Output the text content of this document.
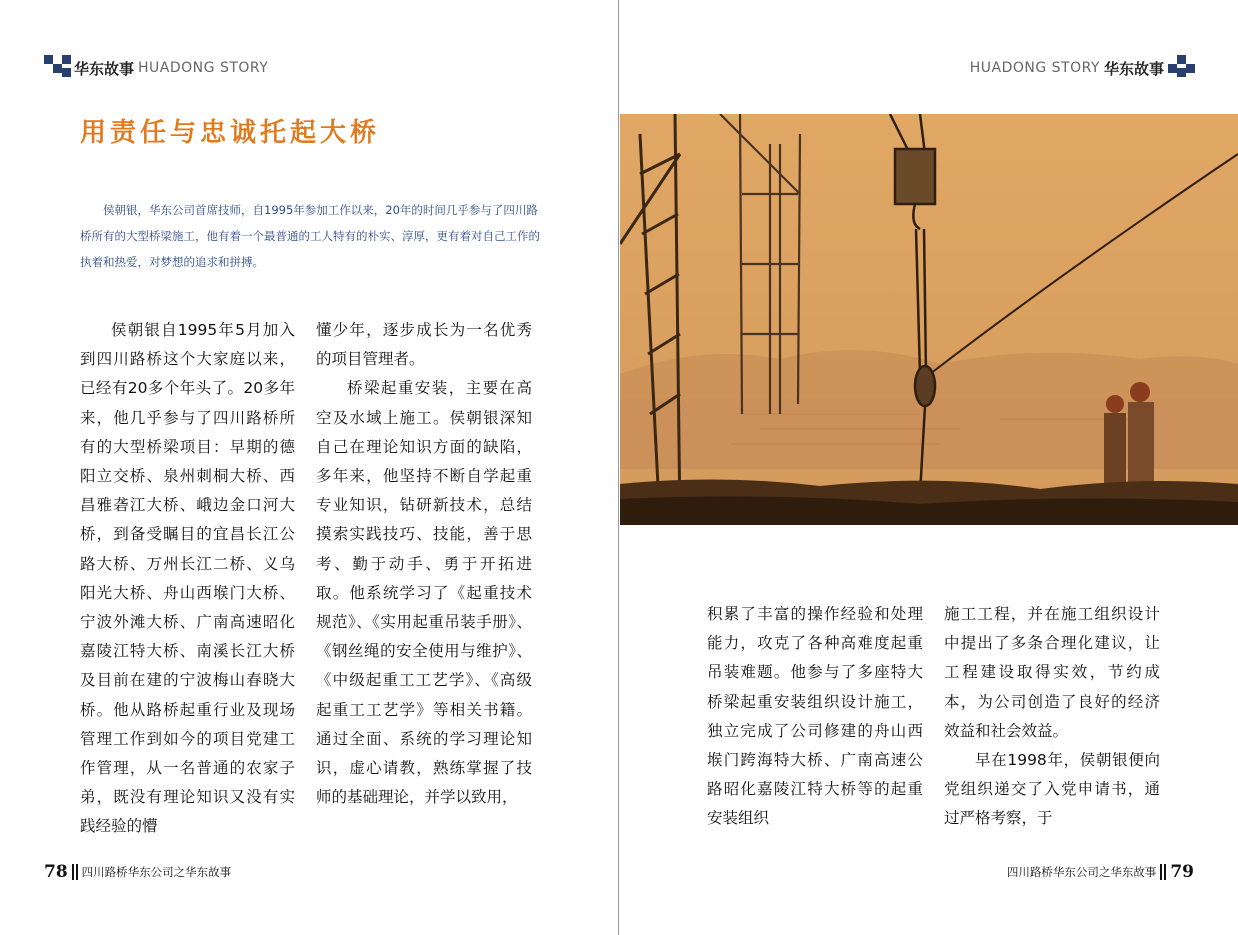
华东故事 HUADONG STORY
用责任与忠诚托起大桥
侯朝银，华东公司首席技师，自1995年参加工作以来，20年的时间几乎参与了四川路桥所有的大型桥梁施工，他有着一个最普通的工人特有的朴实、淳厚，更有着对自己工作的执着和热爱，对梦想的追求和拼搏。

侯朝银自1995年5月加入到四川路桥这个大家庭以来，已经有20多个年头了。20多年来，他几乎参与了四川路桥所有的大型桥梁项目：早期的德阳立交桥、泉州刺桐大桥、西昌雅砻江大桥、峨边金口河大桥，到备受瞩目的宜昌长江公路大桥、万州长江二桥、义乌阳光大桥、舟山西堠门大桥、宁波外滩大桥、广南高速昭化嘉陵江特大桥、南溪长江大桥及目前在建的宁波梅山春晓大桥。他从路桥起重行业及现场管理工作到如今的项目党建工作管理，从一名普通的农家子弟，既没有理论知识又没有实践经验的懵

懂少年，逐步成长为一名优秀的项目管理者。

桥梁起重安装，主要在高空及水域上施工。侯朝银深知自己在理论知识方面的缺陷，多年来，他坚持不断自学起重专业知识，钻研新技术，总结摸索实践技巧、技能，善于思考、勤于动手、勇于开拓进取。他系统学习了《起重技术规范》、《实用起重吊装手册》、《钢丝绳的安全使用与维护》、《中级起重工工艺学》、《高级起重工工艺学》等相关书籍。通过全面、系统的学习理论知识，虚心请教，熟练掌握了技师的基础理论，并学以致用，

78 四川路桥华东公司之华东故事
HUADONG STORY 华东故事
四川路桥华东公司之华东故事 79

积累了丰富的操作经验和处理能力，攻克了各种高难度起重吊装难题。他参与了多座特大桥梁起重安装组织设计施工，独立完成了公司修建的舟山西堠门跨海特大桥、广南高速公路昭化嘉陵江特大桥等的起重安装组织

施工工程，并在施工组织设计中提出了多条合理化建议，让工程建设取得实效，节约成本，为公司创造了良好的经济效益和社会效益。

早在1998年，侯朝银便向党组织递交了入党申请书，通过严格考察，于
